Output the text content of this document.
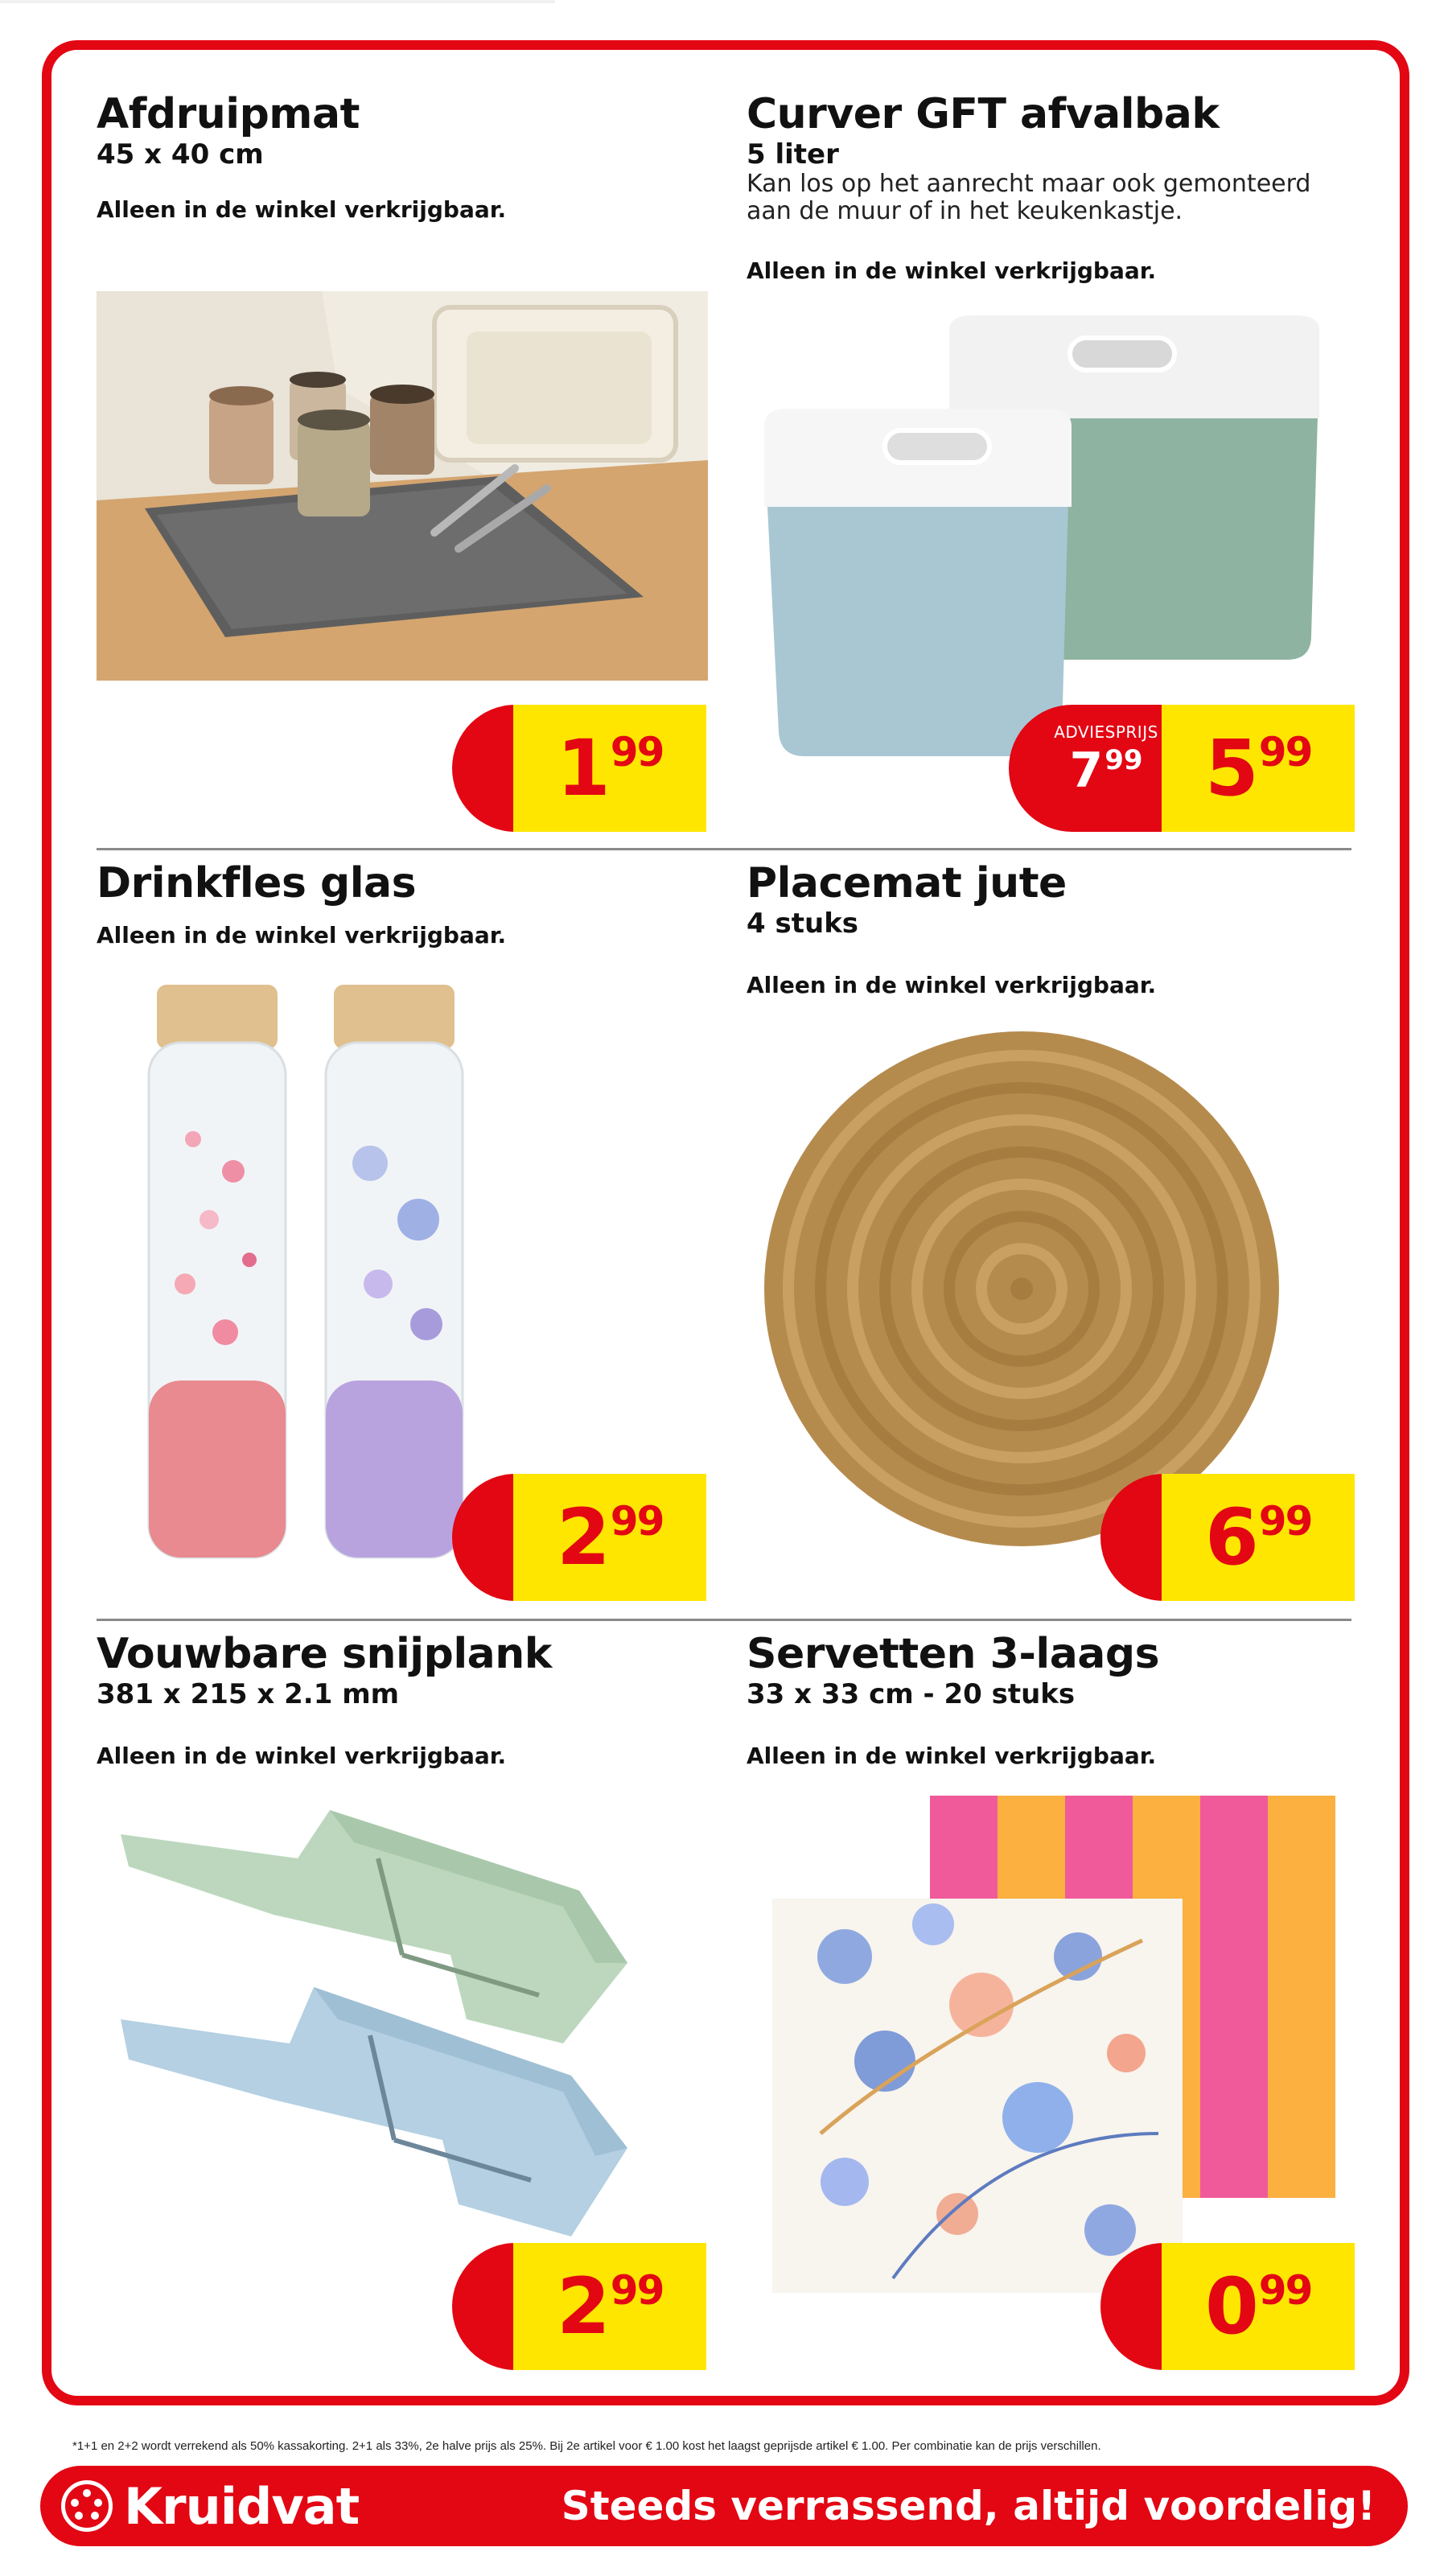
Afdruipmat
45 x 40 cm
Alleen in de winkel verkrijgbaar.
1 99
Curver GFT afvalbak
5 liter
Kan los op het aanrecht maar ook gemonteerd aan de muur of in het keukenkastje.
Alleen in de winkel verkrijgbaar.
ADVIESPRIJS
7 99 5 99
Drinkfles glas
Alleen in de winkel verkrijgbaar.
2 99
Placemat jute
4 stuks
Alleen in de winkel verkrijgbaar.
6 99
Vouwbare snijplank
381 x 215 x 2.1 mm
Alleen in de winkel verkrijgbaar.
2 99
Servetten 3-laags
33 x 33 cm - 20 stuks
Alleen in de winkel verkrijgbaar.
0 99
*1+1 en 2+2 wordt verrekend als 50% kassakorting. 2+1 als 33%, 2e halve prijs als 25%. Bij 2e artikel voor € 1.00 kost het laagst geprijsde artikel € 1.00. Per combinatie kan de prijs verschillen.
Kruidvat	Steeds verrassend, altijd voordelig!
